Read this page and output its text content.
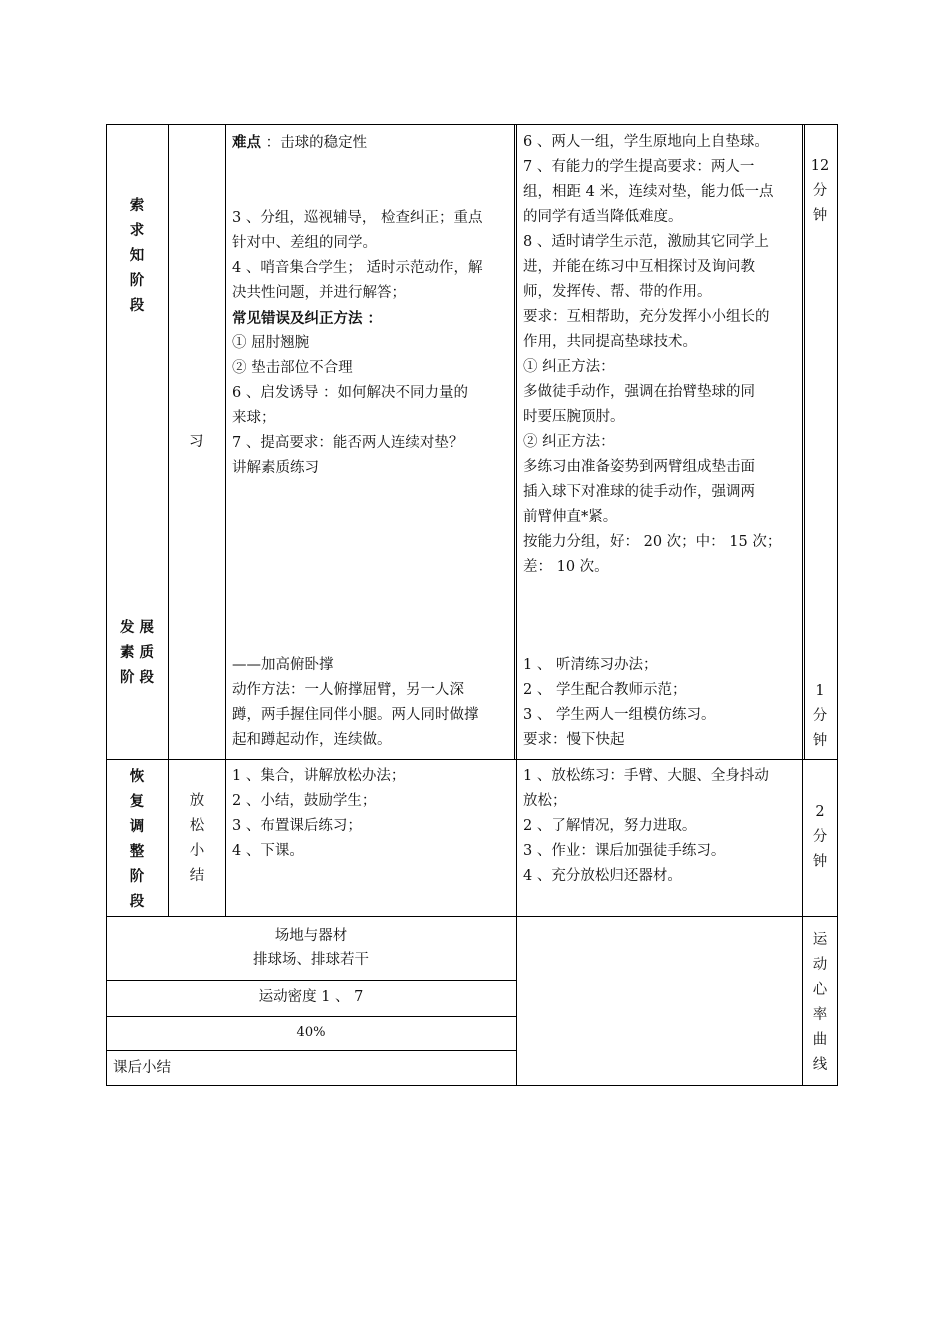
索求知阶段
发 展
素 质
阶 段
恢复调整阶段
习
放松小结
难点 ：击球的稳定性
3 、分组，巡视辅导， 检查纠正；重点
针对中、差组的同学。
4 、哨音集合学生； 适时示范动作，解
决共性问题，并进行解答；
常见错误及纠正方法 ：
① 屈肘翘腕
② 垫击部位不合理
6 、启发诱导 ：如何解决不同力量的
来球；
7 、提高要求：能否两人连续对垫？
讲解素质练习
——加高俯卧撑
动作方法：一人俯撑屈臂，另一人深
蹲，两手握住同伴小腿。两人同时做撑
起和蹲起动作，连续做。
1 、集合，讲解放松办法；
2 、小结，鼓励学生；
3 、布置课后练习；
4 、下课。
6 、两人一组，学生原地向上自垫球。
7 、有能力的学生提高要求：两人一
组，相距 4 米，连续对垫，能力低一点
的同学有适当降低难度。
8 、适时请学生示范，激励其它同学上
进，并能在练习中互相探讨及询问教
师，发挥传、帮、带的作用。
要求：互相帮助，充分发挥小小组长的
作用，共同提高垫球技术。
① 纠正方法：
多做徒手动作，强调在抬臂垫球的同
时要压腕顶肘。
② 纠正方法：
多练习由准备姿势到两臂组成垫击面
插入球下对准球的徒手动作，强调两
前臂伸直*紧。
按能力分组，好： 20 次；中： 15 次；
差： 10 次。
1 、 听清练习办法；
2 、 学生配合教师示范；
3 、 学生两人一组模仿练习。
要求：慢下快起
1 、放松练习：手臂、大腿、全身抖动
放松；
2 、了解情况，努力进取。
3 、作业：课后加强徒手练习。
4 、充分放松归还器材。
12
分
钟
1
分
钟
2
分
钟
场地与器材
排球场、排球若干
运动密度 1 、 7
40%
课后小结
运动心率曲线
